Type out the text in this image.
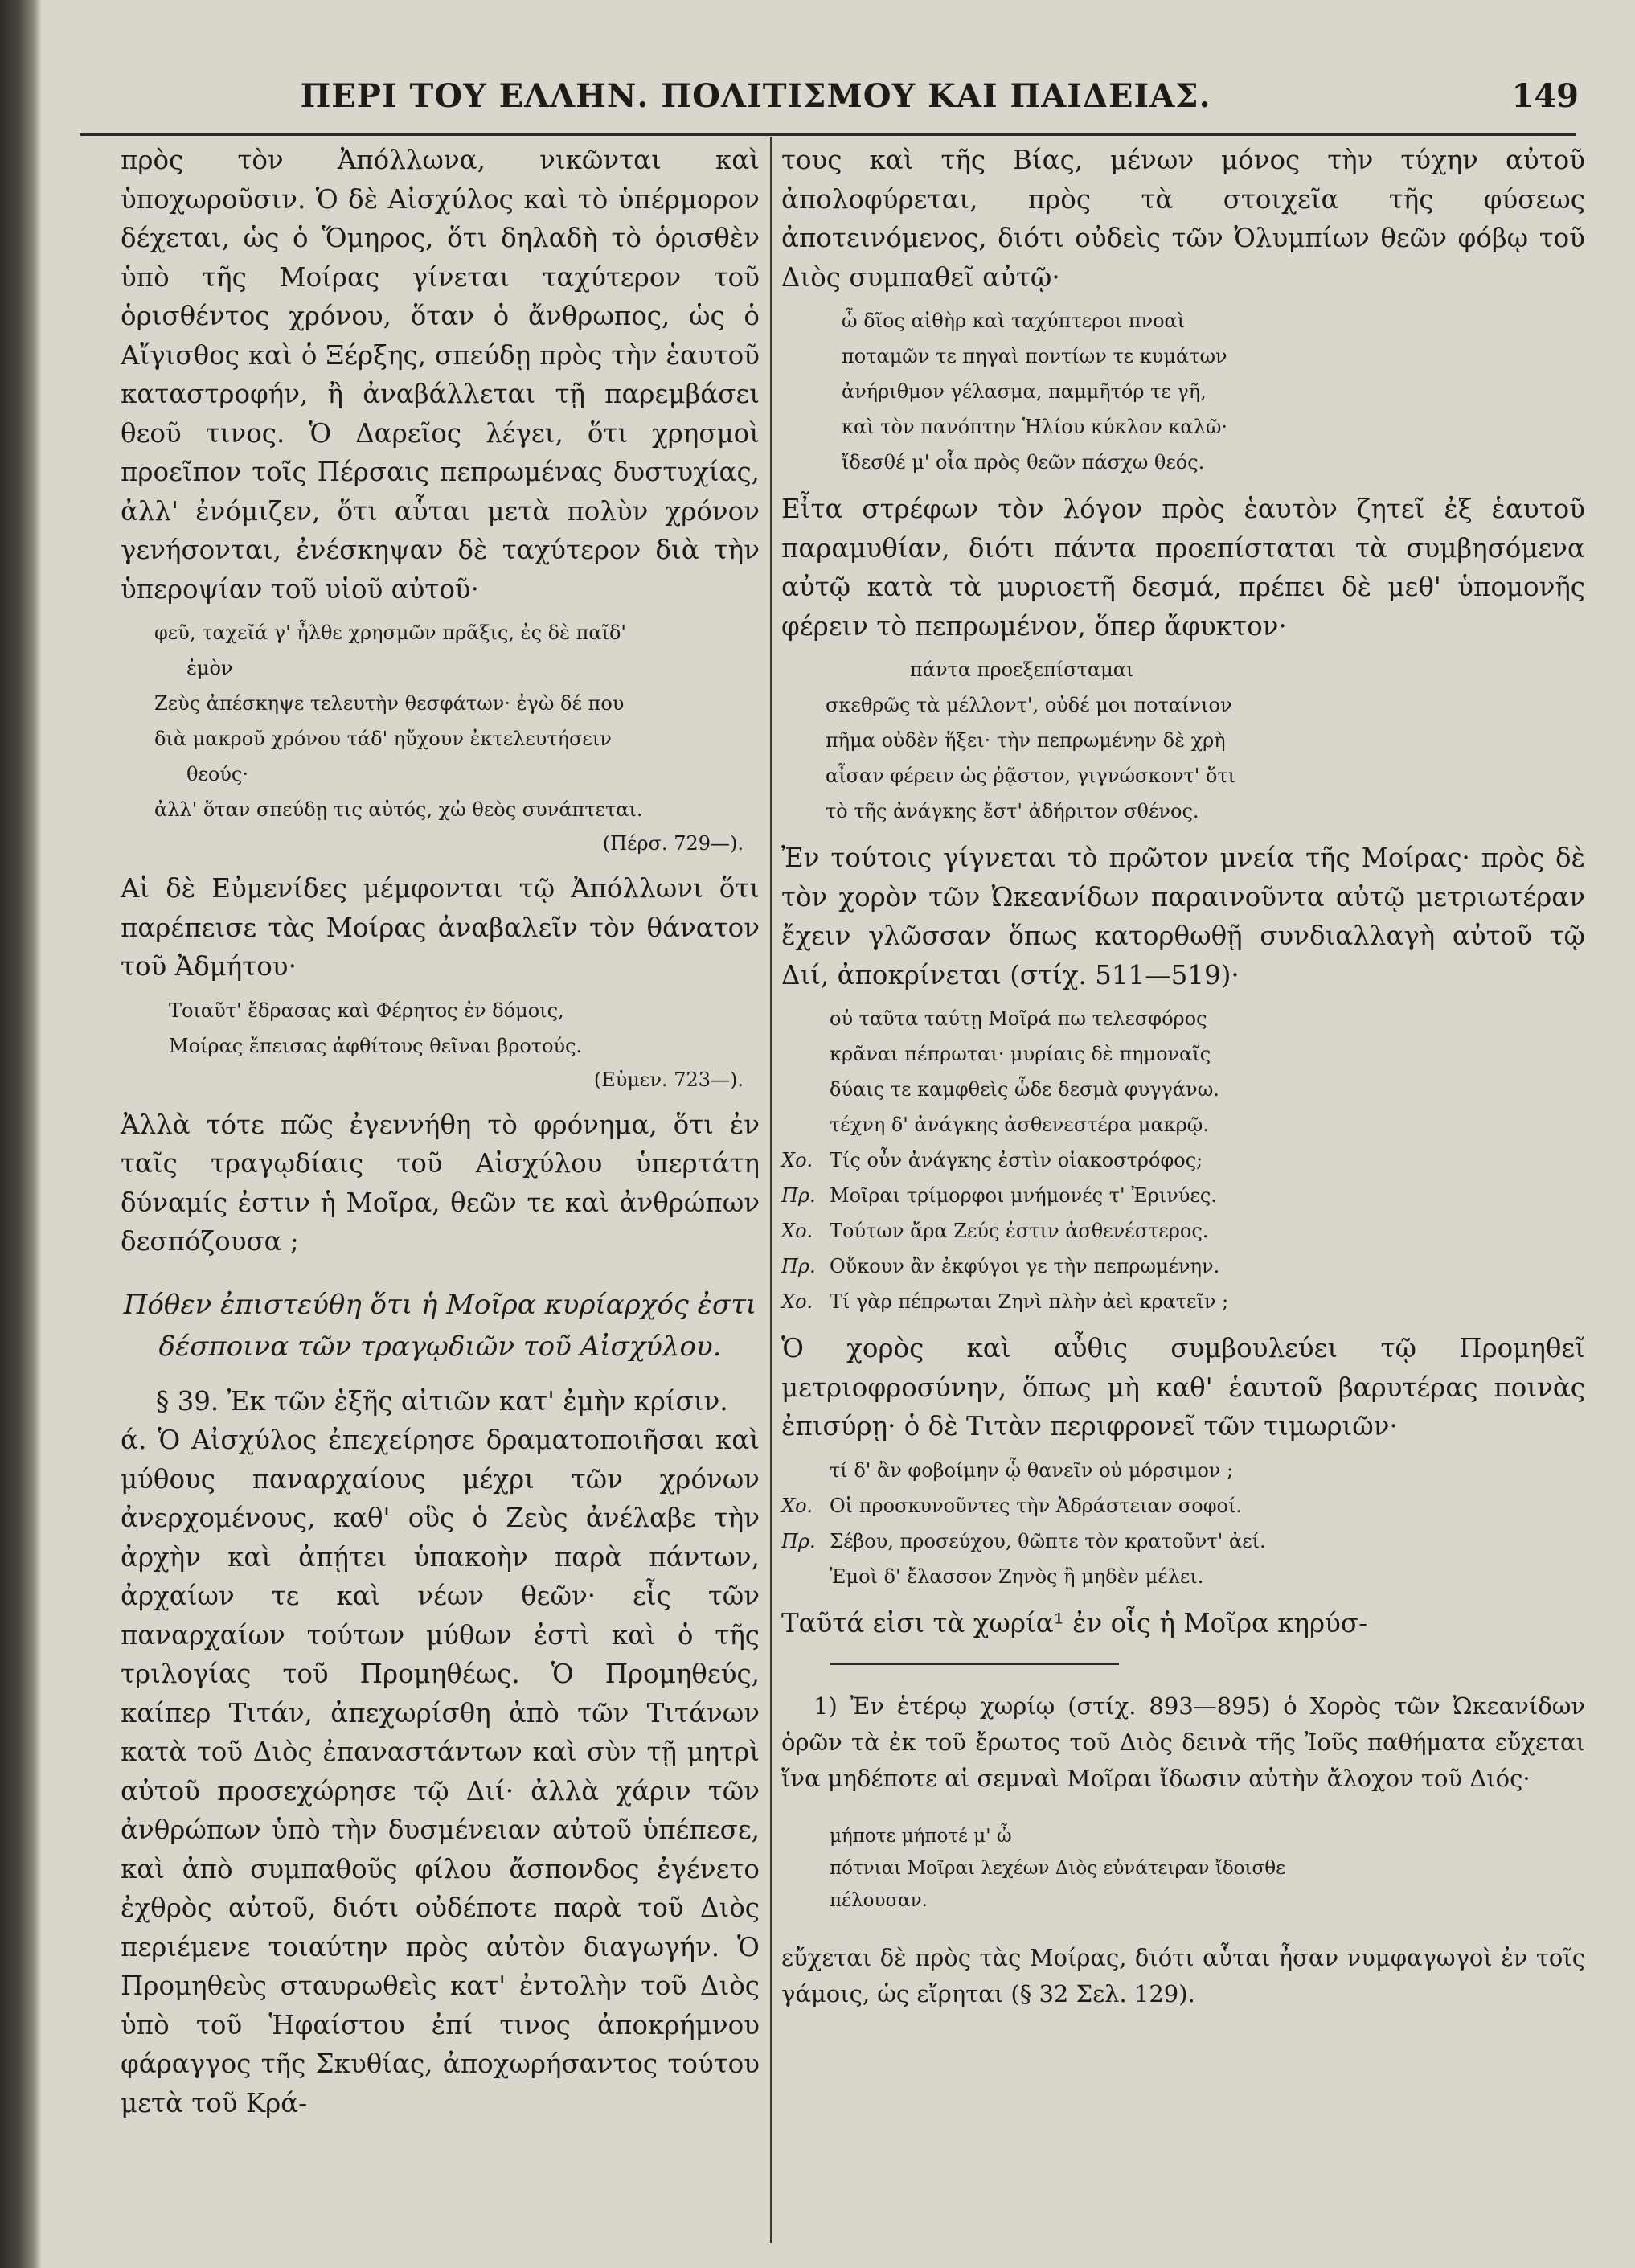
ΠΕΡΙ ΤΟΥ ΕΛΛΗΝ. ΠΟΛΙΤΙΣΜΟΥ ΚΑΙ ΠΑΙΔΕΙΑΣ.	149

πρὸς τὸν Ἀπόλλωνα, νικῶνται καὶ ὑποχωροῦσιν. Ὁ δὲ Αἰσχύλος καὶ τὸ ὑπέρμορον δέχεται, ὡς ὁ Ὅμηρος, ὅτι δηλαδὴ τὸ ὁρισθὲν ὑπὸ τῆς Μοίρας γίνεται ταχύτερον τοῦ ὁρισθέντος χρόνου, ὅταν ὁ ἄνθρωπος, ὡς ὁ Αἴγισθος καὶ ὁ Ξέρξης, σπεύδῃ πρὸς τὴν ἑαυτοῦ καταστροφήν, ἢ ἀναβάλλεται τῇ παρεμβάσει θεοῦ τινος. Ὁ Δαρεῖος λέγει, ὅτι χρησμοὶ προεῖπον τοῖς Πέρσαις πεπρωμένας δυστυχίας, ἀλλ' ἐνόμιζεν, ὅτι αὗται μετὰ πολὺν χρόνον γενήσονται, ἐνέσκηψαν δὲ ταχύτερον διὰ τὴν ὑπεροψίαν τοῦ υἱοῦ αὐτοῦ·

φεῦ, ταχεῖά γ' ἦλθε χρησμῶν πρᾶξις, ἐς δὲ παῖδ'
ἐμὸν
Ζεὺς ἀπέσκηψε τελευτὴν θεσφάτων· ἐγὼ δέ που
διὰ μακροῦ χρόνου τάδ' ηὔχουν ἐκτελευτήσειν
θεούς·
ἀλλ' ὅταν σπεύδῃ τις αὐτός, χὠ θεὸς συνάπτεται.
(Πέρσ. 729—).

Αἱ δὲ Εὐμενίδες μέμφονται τῷ Ἀπόλλωνι ὅτι παρέπεισε τὰς Μοίρας ἀναβαλεῖν τὸν θάνατον τοῦ Ἀδμήτου·

Τοιαῦτ' ἔδρασας καὶ Φέρητος ἐν δόμοις,
Μοίρας ἔπεισας ἀφθίτους θεῖναι βροτούς.
(Εὐμεν. 723—).

Ἀλλὰ τότε πῶς ἐγεννήθη τὸ φρόνημα, ὅτι ἐν ταῖς τραγῳδίαις τοῦ Αἰσχύλου ὑπερτάτη δύναμίς ἐστιν ἡ Μοῖρα, θεῶν τε καὶ ἀνθρώπων δεσπόζουσα ;

Πόθεν ἐπιστεύθη ὅτι ἡ Μοῖρα κυρίαρχός ἐστι δέσποινα τῶν τραγῳδιῶν τοῦ Αἰσχύλου.

§ 39. Ἐκ τῶν ἑξῆς αἰτιῶν κατ' ἐμὴν κρίσιν.

ά. Ὁ Αἰσχύλος ἐπεχείρησε δραματοποιῆσαι καὶ μύθους παναρχαίους μέχρι τῶν χρόνων ἀνερχομένους, καθ' οὓς ὁ Ζεὺς ἀνέλαβε τὴν ἀρχὴν καὶ ἀπῄτει ὑπακοὴν παρὰ πάντων, ἀρχαίων τε καὶ νέων θεῶν· εἷς τῶν παναρχαίων τούτων μύθων ἐστὶ καὶ ὁ τῆς τριλογίας τοῦ Προμηθέως. Ὁ Προμηθεύς, καίπερ Τιτάν, ἀπεχωρίσθη ἀπὸ τῶν Τιτάνων κατὰ τοῦ Διὸς ἐπαναστάντων καὶ σὺν τῇ μητρὶ αὐτοῦ προσεχώρησε τῷ Διί· ἀλλὰ χάριν τῶν ἀνθρώπων ὑπὸ τὴν δυσμένειαν αὐτοῦ ὑπέπεσε, καὶ ἀπὸ συμπαθοῦς φίλου ἄσπονδος ἐγένετο ἐχθρὸς αὐτοῦ, διότι οὐδέποτε παρὰ τοῦ Διὸς περιέμενε τοιαύτην πρὸς αὐτὸν διαγωγήν. Ὁ Προμηθεὺς σταυρωθεὶς κατ' ἐντολὴν τοῦ Διὸς ὑπὸ τοῦ Ἡφαίστου ἐπί τινος ἀποκρήμνου φάραγγος τῆς Σκυθίας, ἀποχωρήσαντος τούτου μετὰ τοῦ Κρά-

τους καὶ τῆς Βίας, μένων μόνος τὴν τύχην αὐτοῦ ἀπολοφύρεται, πρὸς τὰ στοιχεῖα τῆς φύσεως ἀποτεινόμενος, διότι οὐδεὶς τῶν Ὀλυμπίων θεῶν φόβῳ τοῦ Διὸς συμπαθεῖ αὐτῷ·

ὦ δῖος αἰθὴρ καὶ ταχύπτεροι πνοαὶ
ποταμῶν τε πηγαὶ ποντίων τε κυμάτων
ἀνήριθμον γέλασμα, παμμῆτόρ τε γῆ,
καὶ τὸν πανόπτην Ἡλίου κύκλον καλῶ·
ἴδεσθέ μ' οἷα πρὸς θεῶν πάσχω θεός.

Εἶτα στρέφων τὸν λόγον πρὸς ἑαυτὸν ζητεῖ ἐξ ἑαυτοῦ παραμυθίαν, διότι πάντα προεπίσταται τὰ συμβησόμενα αὐτῷ κατὰ τὰ μυριοετῆ δεσμά, πρέπει δὲ μεθ' ὑπομονῆς φέρειν τὸ πεπρωμένον, ὅπερ ἄφυκτον·

πάντα προεξεπίσταμαι
σκεθρῶς τὰ μέλλοντ', οὐδέ μοι ποταίνιον
πῆμα οὐδὲν ἥξει· τὴν πεπρωμένην δὲ χρὴ
αἶσαν φέρειν ὡς ῥᾷστον, γιγνώσκοντ' ὅτι
τὸ τῆς ἀνάγκης ἔστ' ἀδήριτον σθένος.

Ἐν τούτοις γίγνεται τὸ πρῶτον μνεία τῆς Μοίρας· πρὸς δὲ τὸν χορὸν τῶν Ὠκεανίδων παραινοῦντα αὐτῷ μετριωτέραν ἔχειν γλῶσσαν ὅπως κατορθωθῇ συνδιαλλαγὴ αὐτοῦ τῷ Διί, ἀποκρίνεται (στίχ. 511—519)·

οὐ ταῦτα ταύτῃ Μοῖρά πω τελεσφόρος
κρᾶναι πέπρωται· μυρίαις δὲ πημοναῖς
δύαις τε καμφθεὶς ὧδε δεσμὰ φυγγάνω.
τέχνη δ' ἀνάγκης ἀσθενεστέρα μακρῷ.
Χο. Τίς οὖν ἀνάγκης ἐστὶν οἰακοστρόφος;
Πρ. Μοῖραι τρίμορφοι μνήμονές τ' Ἐρινύες.
Χο. Τούτων ἄρα Ζεύς ἐστιν ἀσθενέστερος.
Πρ. Οὔκουν ἂν ἐκφύγοι γε τὴν πεπρωμένην.
Χο. Τί γὰρ πέπρωται Ζηνὶ πλὴν ἀεὶ κρατεῖν ;

Ὁ χορὸς καὶ αὖθις συμβουλεύει τῷ Προμηθεῖ μετριοφροσύνην, ὅπως μὴ καθ' ἑαυτοῦ βαρυτέρας ποινὰς ἐπισύρῃ· ὁ δὲ Τιτὰν περιφρονεῖ τῶν τιμωριῶν·

τί δ' ἂν φοβοίμην ᾧ θανεῖν οὐ μόρσιμον ;
Χο. Οἱ προσκυνοῦντες τὴν Ἀδράστειαν σοφοί.
Πρ. Σέβου, προσεύχου, θῶπτε τὸν κρατοῦντ' ἀεί.
Ἐμοὶ δ' ἔλασσον Ζηνὸς ἢ μηδὲν μέλει.

Ταῦτά εἰσι τὰ χωρία¹ ἐν οἷς ἡ Μοῖρα κηρύσ-

1) Ἐν ἑτέρῳ χωρίῳ (στίχ. 893—895) ὁ Χορὸς τῶν Ὠκεανίδων ὁρῶν τὰ ἐκ τοῦ ἔρωτος τοῦ Διὸς δεινὰ τῆς Ἰοῦς παθήματα εὔχεται ἵνα μηδέποτε αἱ σεμναὶ Μοῖραι ἴδωσιν αὐτὴν ἄλοχον τοῦ Διός·

μήποτε μήποτέ μ' ὦ
πότνιαι Μοῖραι λεχέων Διὸς εὐνάτειραν ἴδοισθε
πέλουσαν.

εὔχεται δὲ πρὸς τὰς Μοίρας, διότι αὗται ἦσαν νυμφαγωγοὶ ἐν τοῖς γάμοις, ὡς εἴρηται (§ 32 Σελ. 129).
